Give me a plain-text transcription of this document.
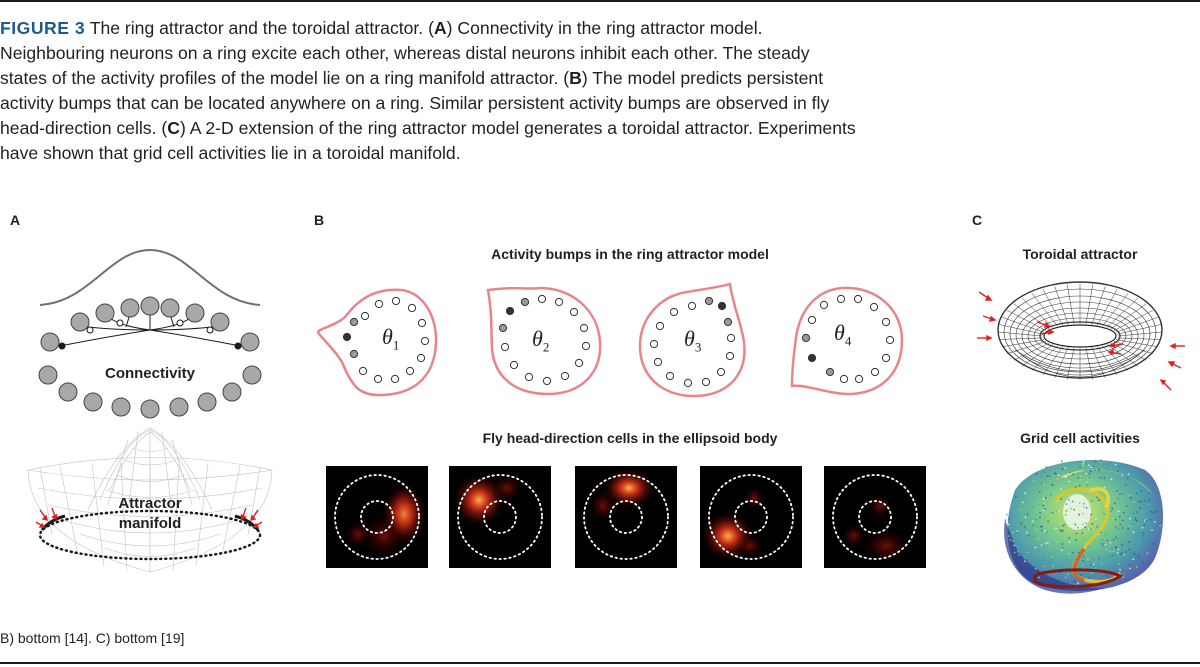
FIGURE 3 The ring attractor and the toroidal attractor. (A) Connectivity in the ring attractor model. Neighbouring neurons on a ring excite each other, whereas distal neurons inhibit each other. The steady states of the activity profiles of the model lie on a ring manifold attractor. (B) The model predicts persistent activity bumps that can be located anywhere on a ring. Similar persistent activity bumps are observed in fly head-direction cells. (C) A 2-D extension of the ring attractor model generates a toroidal attractor. Experiments have shown that grid cell activities lie in a toroidal manifold.

A
Connectivity
Attractor
manifold
B
Activity bumps in the ring attractor model
$\theta_1$	$\theta_2$	$\theta_3$
$\theta_4$
Fly head-direction cells in the ellipsoid body
C
Toroidal attractor
Grid cell activities
B) bottom [14]. C) bottom [19]
